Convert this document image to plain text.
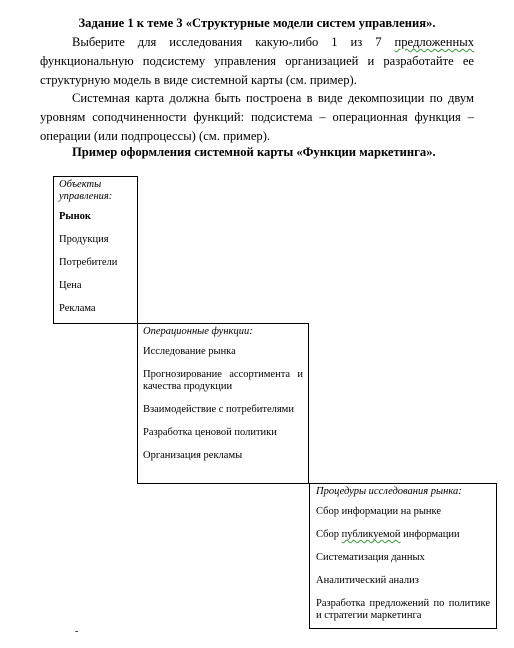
Задание 1 к теме 3 «Структурные модели систем управления».

Выберите для исследования какую-либо 1 из 7 предложенных функциональную подсистему управления организацией и разработайте ее структурную модель в виде системной карты (см. пример).

Системная карта должна быть построена в виде декомпозиции по двум уровням соподчиненности функций: подсистема – операционная функция – операции (или подпроцессы) (см. пример).

Пример оформления системной карты «Функции маркетинга».

Объекты управления:
Рынок
Продукция
Потребители
Цена
Реклама
Операционные функции:
Исследование рынка
Прогнозирование ассортимента и качества продукции
Взаимодействие с потребителями
Разработка ценовой политики
Организация рекламы
Процедуры исследования рынка:
Сбор информации на рынке
Сбор публикуемой информации
Систематизация данных
Аналитический анализ
Разработка предложений по политике и стратегии маркетинга
-
